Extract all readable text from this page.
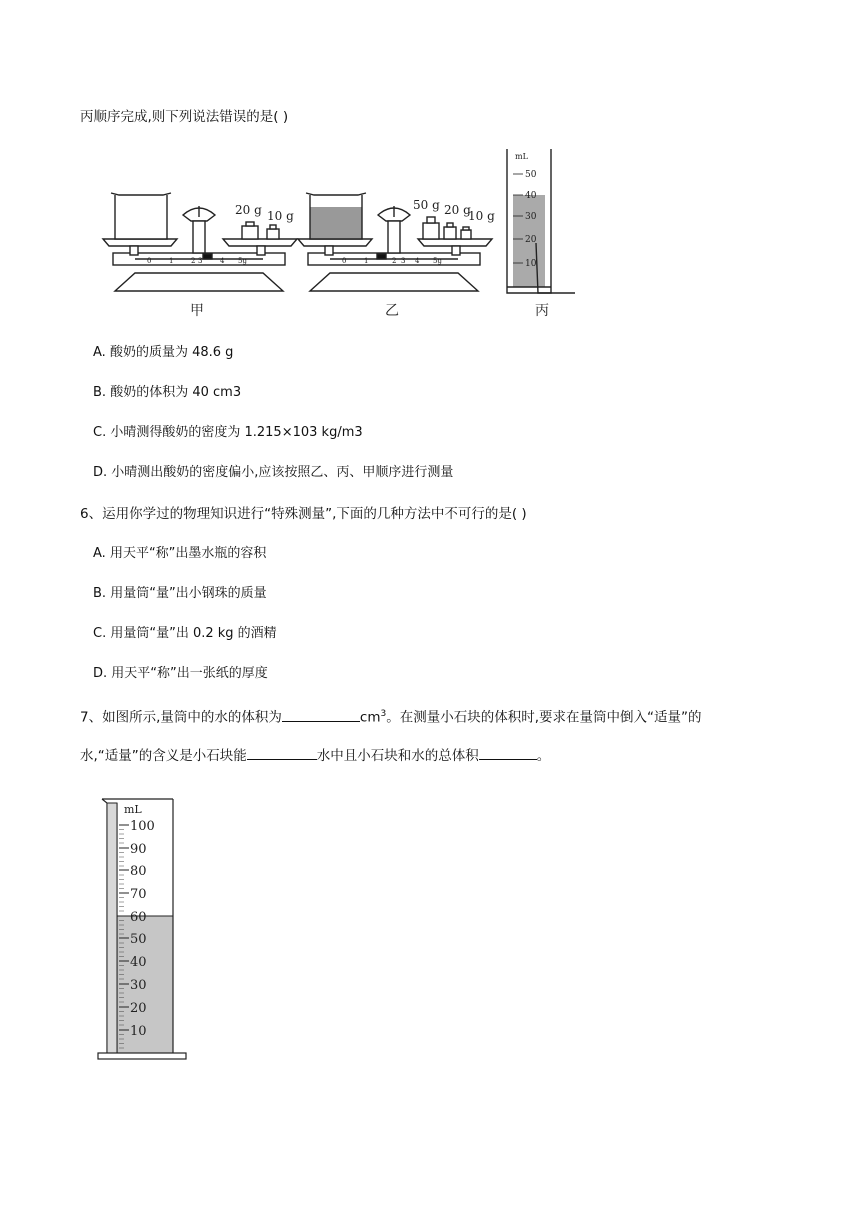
丙顺序完成,则下列说法错误的是( )
20 g 10 g
50 g 20 g
10 g
mL
50
40
30
20
10
甲	乙	丙
0	1	2 3	4 5g	0	1	2 3 4 5g
A. 酸奶的质量为 48.6 g
B. 酸奶的体积为 40 cm3
C. 小晴测得酸奶的密度为 1.215×103 kg/m3
D. 小晴测出酸奶的密度偏小,应该按照乙、丙、甲顺序进行测量
6、运用你学过的物理知识进行“特殊测量”,下面的几种方法中不可行的是( )
A. 用天平“称”出墨水瓶的容积
B. 用量筒“量”出小钢珠的质量
C. 用量筒“量”出 0.2 kg 的酒精
D. 用天平“称”出一张纸的厚度
7、如图所示,量筒中的水的体积为	$cm^3$。在测量小石块的体积时,要求在量筒中倒入“适量”的
水,“适量”的含义是小石块能	水中且小石块和水的总体积	。
mL
100
90
80
70
60
50
40
30
20
10
